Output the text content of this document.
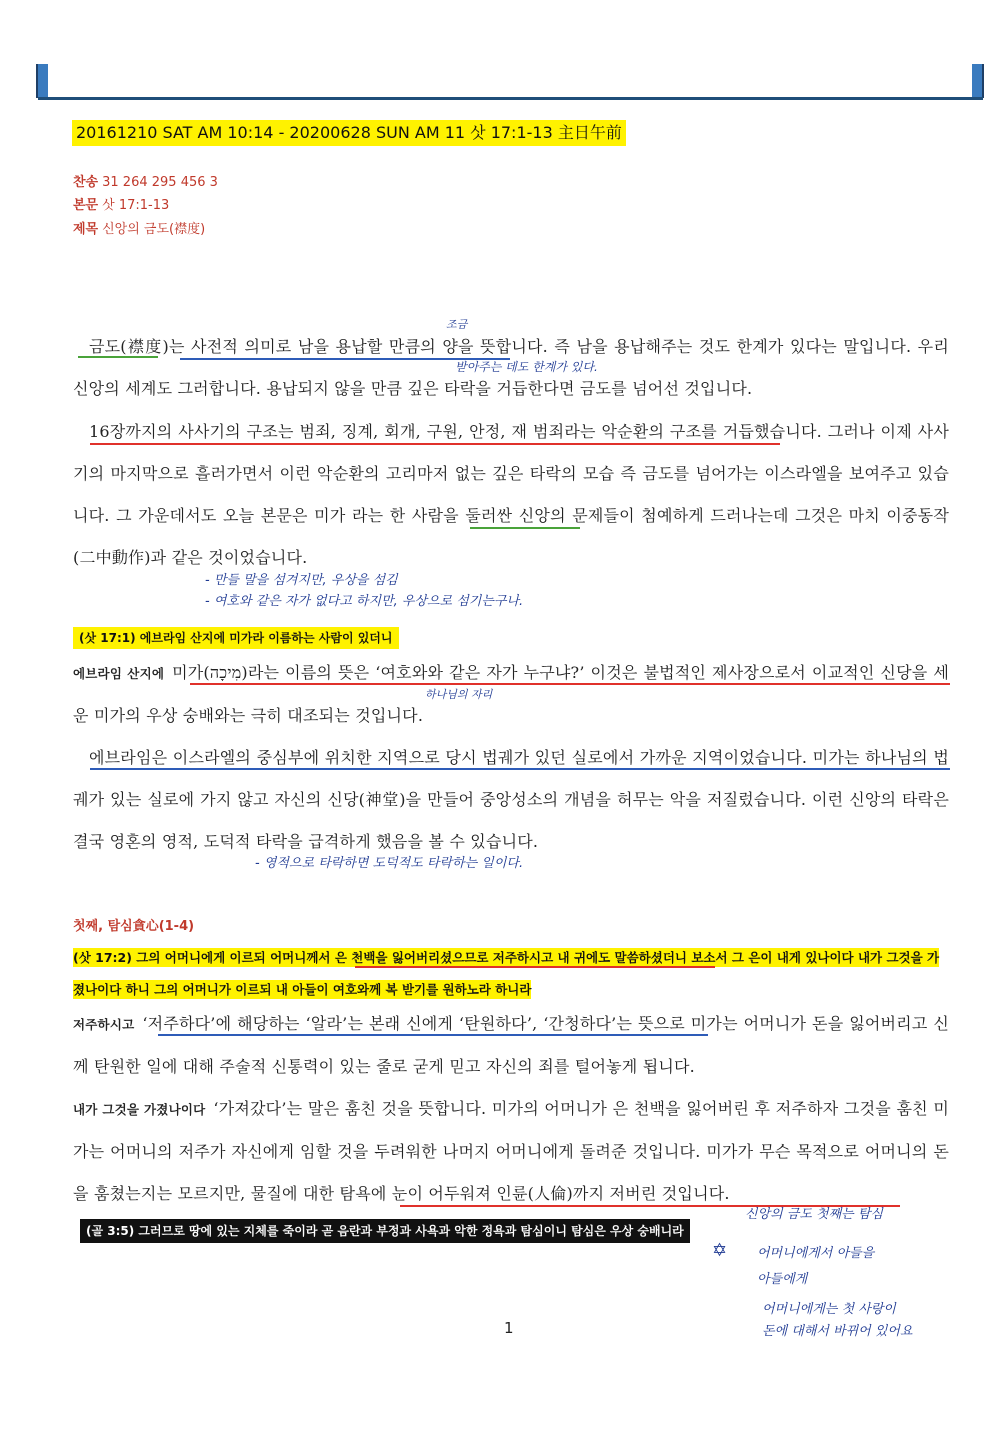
20161210 SAT AM 10:14 - 20200628 SUN AM 11 삿 17:1-13 主日午前
찬송 31 264 295 456 3
본문 삿 17:1-13
제목 신앙의 금도(襟度)
금도(襟度)는 사전적 의미로 남을 용납할 만큼의 양을 뜻합니다. 즉 남을 용납해주는 것도 한계가 있다는 말입니다. 우리 신앙의 세계도 그러합니다. 용납되지 않을 만큼 깊은 타락을 거듭한다면 금도를 넘어선 것입니다.
16장까지의 사사기의 구조는 범죄, 징계, 회개, 구원, 안정, 재 범죄라는 악순환의 구조를 거듭했습니다. 그러나 이제 사사기의 마지막으로 흘러가면서 이런 악순환의 고리마저 없는 깊은 타락의 모습 즉 금도를 넘어가는 이스라엘을 보여주고 있습니다. 그 가운데서도 오늘 본문은 미가 라는 한 사람을 둘러싼 신앙의 문제들이 첨예하게 드러나는데 그것은 마치 이중동작(二中動作)과 같은 것이었습니다.
(삿 17:1) 에브라임 산지에 미가라 이름하는 사람이 있더니
에브라임 산지에 미가(מִיכָה)라는 이름의 뜻은 ‘여호와와 같은 자가 누구냐?’ 이것은 불법적인 제사장으로서 이교적인 신당을 세운 미가의 우상 숭배와는 극히 대조되는 것입니다.
에브라임은 이스라엘의 중심부에 위치한 지역으로 당시 법궤가 있던 실로에서 가까운 지역이었습니다. 미가는 하나님의 법궤가 있는 실로에 가지 않고 자신의 신당(神堂)을 만들어 중앙성소의 개념을 허무는 악을 저질렀습니다. 이런 신앙의 타락은 결국 영혼의 영적, 도덕적 타락을 급격하게 했음을 볼 수 있습니다.
첫째, 탐심貪心(1-4)
(삿 17:2) 그의 어머니에게 이르되 어머니께서 은 천백을 잃어버리셨으므로 저주하시고 내 귀에도 말씀하셨더니 보소서 그 은이 내게 있나이다 내가 그것을 가졌나이다 하니 그의 어머니가 이르되 내 아들이 여호와께 복 받기를 원하노라 하니라
저주하시고 ‘저주하다’에 해당하는 ‘알라’는 본래 신에게 ‘탄원하다’, ‘간청하다’는 뜻으로 미가는 어머니가 돈을 잃어버리고 신께 탄원한 일에 대해 주술적 신통력이 있는 줄로 굳게 믿고 자신의 죄를 털어놓게 됩니다.
내가 그것을 가졌나이다 ‘가져갔다’는 말은 훔친 것을 뜻합니다. 미가의 어머니가 은 천백을 잃어버린 후 저주하자 그것을 훔친 미가는 어머니의 저주가 자신에게 임할 것을 두려워한 나머지 어머니에게 돌려준 것입니다. 미가가 무슨 목적으로 어머니의 돈을 훔쳤는지는 모르지만, 물질에 대한 탐욕에 눈이 어두워져 인륜(人倫)까지 저버린 것입니다.
(골 3:5) 그러므로 땅에 있는 지체를 죽이라 곧 음란과 부정과 사욕과 악한 정욕과 탐심이니 탐심은 우상 숭배니라
조금
받아주는 데도 한계가 있다.
- 만들 말을 섬겨지만, 우상을 섬김
- 여호와 같은 자가 없다고 하지만, 우상으로 섬기는구나.
하나님의 자리
- 영적으로 타락하면 도덕적도 타락하는 일이다.
신앙의 금도 첫째는 탐심
✡ 어머니에게서 아들을
아들에게
어머니에게는 첫 사랑이
돈에 대해서 바뀌어 있어요
1
